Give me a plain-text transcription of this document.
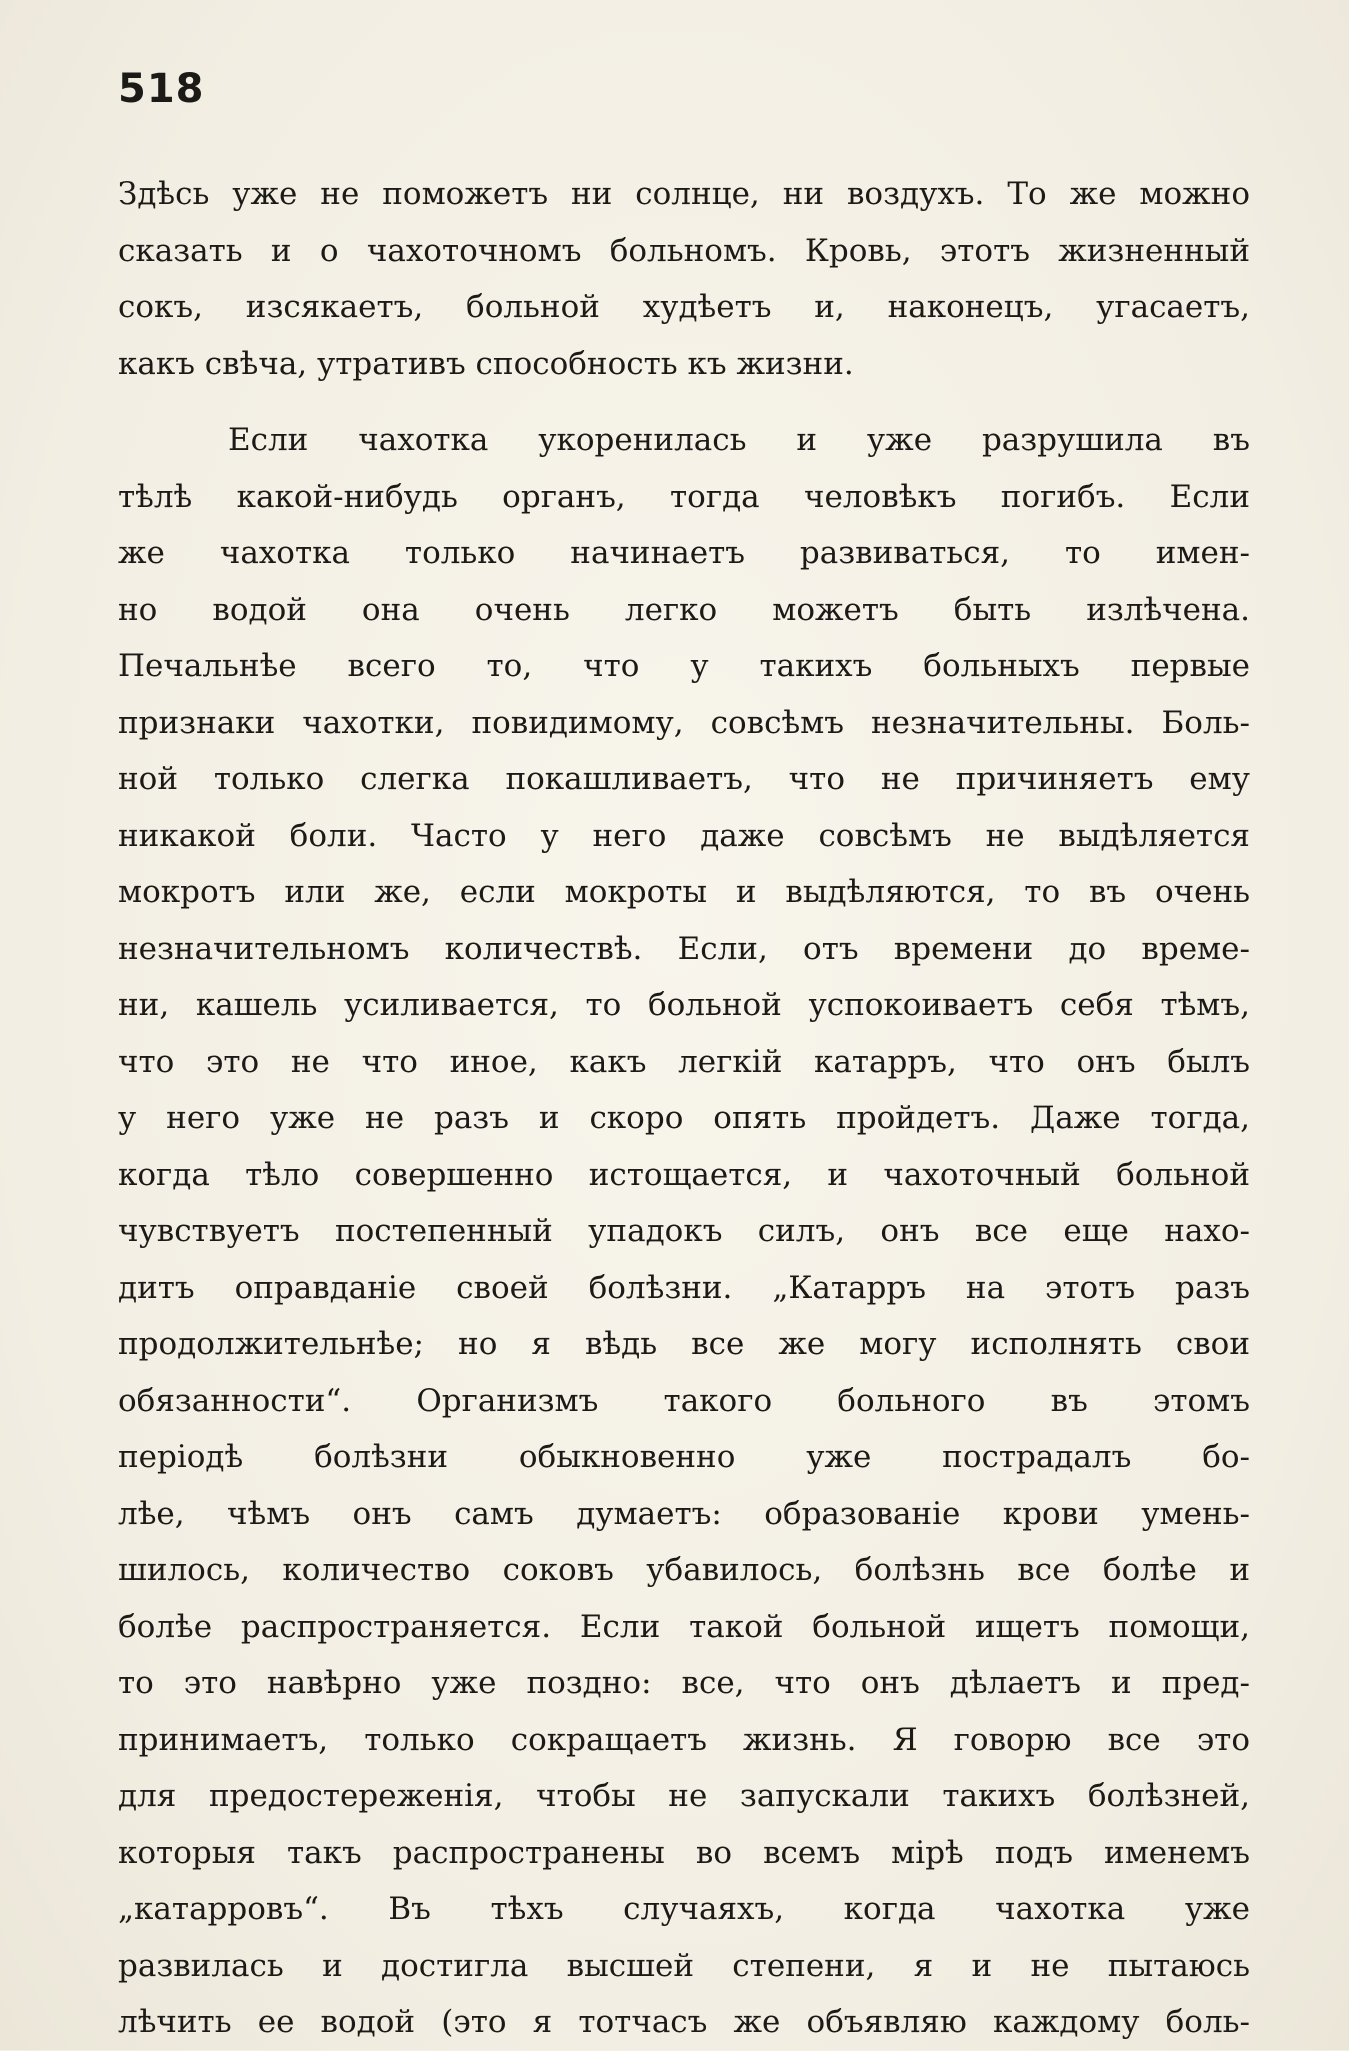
518
Здѣсь уже не поможетъ ни солнце, ни воздухъ. То же можно
сказать и о чахоточномъ больномъ. Кровь, этотъ жизненный
сокъ, изсякаетъ, больной худѣетъ и, наконецъ, угасаетъ,
какъ свѣча, утративъ способность къ жизни.
Если чахотка укоренилась и уже разрушила въ
тѣлѣ какой-нибудь органъ, тогда человѣкъ погибъ. Если
же чахотка только начинаетъ развиваться, то имен-
но водой она очень легко можетъ быть излѣчена.
Печальнѣе всего то, что у такихъ больныхъ первые
признаки чахотки, повидимому, совсѣмъ незначительны. Боль-
ной только слегка покашливаетъ, что не причиняетъ ему
никакой боли. Часто у него даже совсѣмъ не выдѣляется
мокротъ или же, если мокроты и выдѣляются, то въ очень
незначительномъ количествѣ. Если, отъ времени до време-
ни, кашель усиливается, то больной успокоиваетъ себя тѣмъ,
что это не что иное, какъ легкій катарръ, что онъ былъ
у него уже не разъ и скоро опять пройдетъ. Даже тогда,
когда тѣло совершенно истощается, и чахоточный больной
чувствуетъ постепенный упадокъ силъ, онъ все еще нахо-
дитъ оправданіе своей болѣзни. „Катарръ на этотъ разъ
продолжительнѣе; но я вѣдь все же могу исполнять свои
обязанности“. Организмъ такого больного въ этомъ
періодѣ болѣзни обыкновенно уже пострадалъ бо-
лѣе, чѣмъ онъ самъ думаетъ: образованіе крови умень-
шилось, количество соковъ убавилось, болѣзнь все болѣе и
болѣе распространяется. Если такой больной ищетъ помощи,
то это навѣрно уже поздно: все, что онъ дѣлаетъ и пред-
принимаетъ, только сокращаетъ жизнь. Я говорю все это
для предостереженія, чтобы не запускали такихъ болѣзней,
которыя такъ распространены во всемъ мірѣ подъ именемъ
„катарровъ“. Въ тѣхъ случаяхъ, когда чахотка уже
развилась и достигла высшей степени, я и не пытаюсь
лѣчить ее водой (это я тотчасъ же объявляю каждому боль-
